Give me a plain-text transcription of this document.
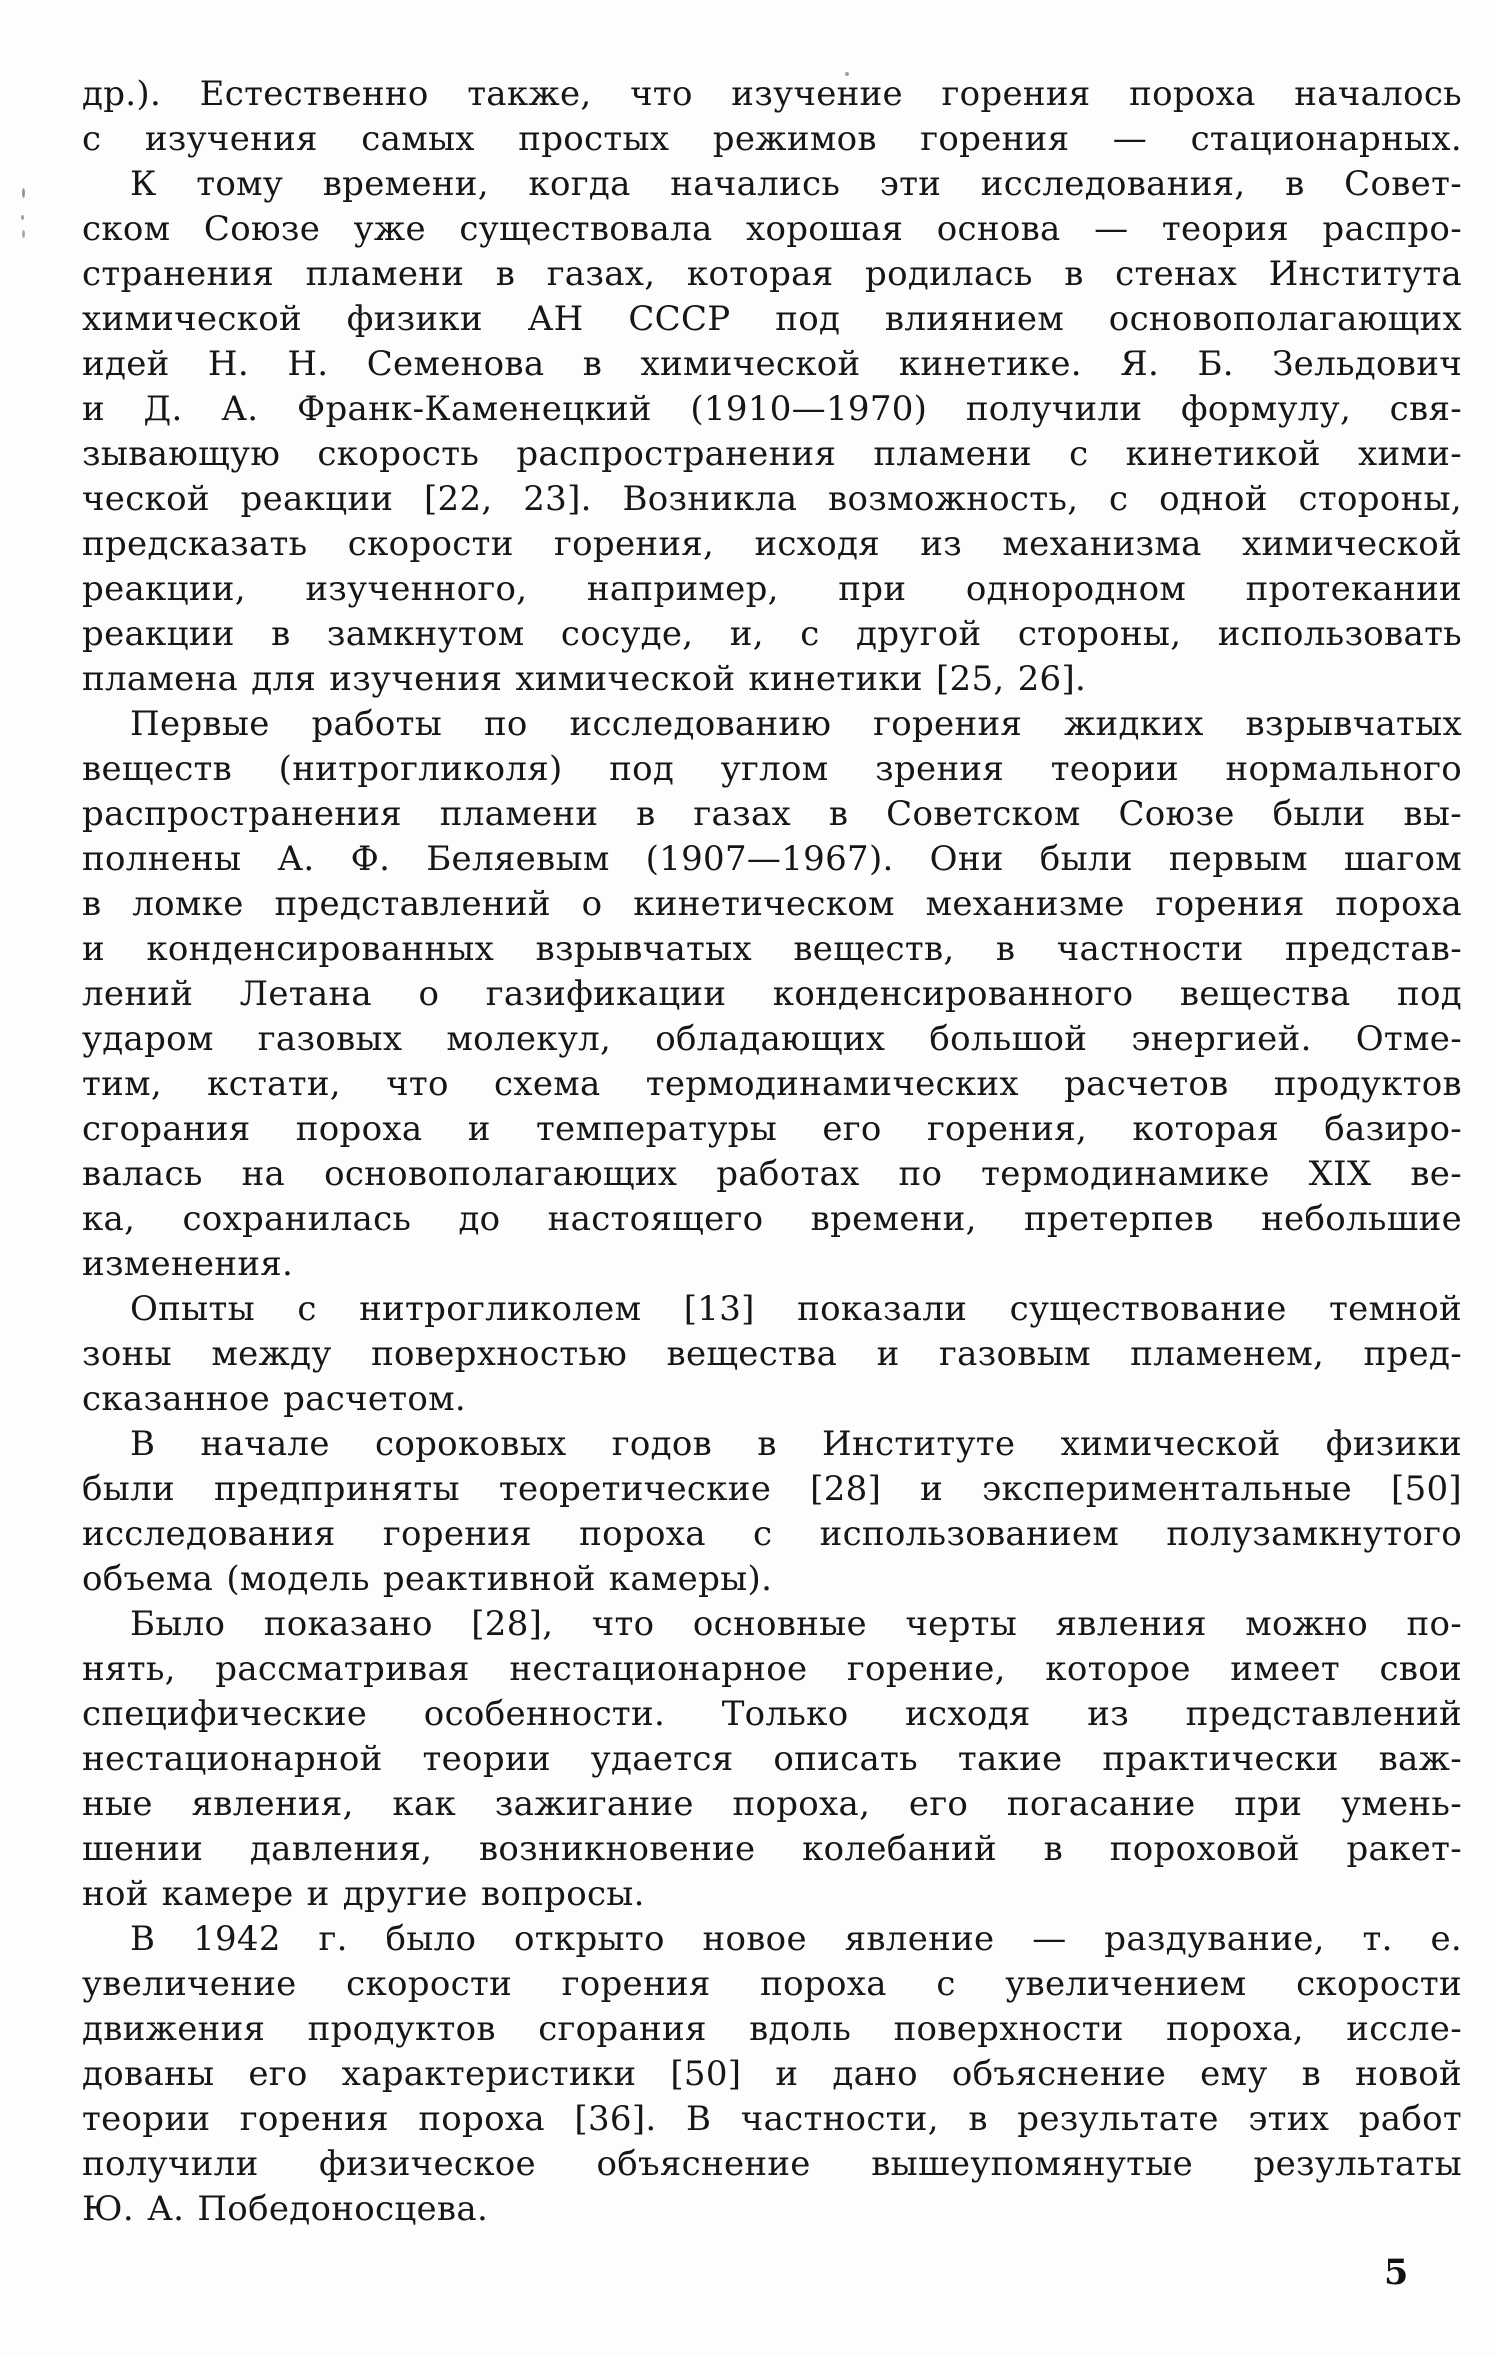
др.). Естественно также, что изучение горения пороха началось
с изучения самых простых режимов горения — стационарных.
К тому времени, когда начались эти исследования, в Совет-
ском Союзе уже существовала хорошая основа — теория распро-
странения пламени в газах, которая родилась в стенах Института
химической физики АН СССР под влиянием основополагающих
идей Н. Н. Семенова в химической кинетике. Я. Б. Зельдович
и Д. А. Франк-Каменецкий (1910—1970) получили формулу, свя-
зывающую скорость распространения пламени с кинетикой хими-
ческой реакции [22, 23]. Возникла возможность, с одной стороны,
предсказать скорости горения, исходя из механизма химической
реакции, изученного, например, при однородном протекании
реакции в замкнутом сосуде, и, с другой стороны, использовать
пламена для изучения химической кинетики [25, 26].
Первые работы по исследованию горения жидких взрывчатых
веществ (нитрогликоля) под углом зрения теории нормального
распространения пламени в газах в Советском Союзе были вы-
полнены А. Ф. Беляевым (1907—1967). Они были первым шагом
в ломке представлений о кинетическом механизме горения пороха
и конденсированных взрывчатых веществ, в частности представ-
лений Летана о газификации конденсированного вещества под
ударом газовых молекул, обладающих большой энергией. Отме-
тим, кстати, что схема термодинамических расчетов продуктов
сгорания пороха и температуры его горения, которая базиро-
валась на основополагающих работах по термодинамике XIX ве-
ка, сохранилась до настоящего времени, претерпев небольшие
изменения.
Опыты с нитрогликолем [13] показали существование темной
зоны между поверхностью вещества и газовым пламенем, пред-
сказанное расчетом.
В начале сороковых годов в Институте химической физики
были предприняты теоретические [28] и экспериментальные [50]
исследования горения пороха с использованием полузамкнутого
объема (модель реактивной камеры).
Было показано [28], что основные черты явления можно по-
нять, рассматривая нестационарное горение, которое имеет свои
специфические особенности. Только исходя из представлений
нестационарной теории удается описать такие практически важ-
ные явления, как зажигание пороха, его погасание при умень-
шении давления, возникновение колебаний в пороховой ракет-
ной камере и другие вопросы.
В 1942 г. было открыто новое явление — раздувание, т. е.
увеличение скорости горения пороха с увеличением скорости
движения продуктов сгорания вдоль поверхности пороха, иссле-
дованы его характеристики [50] и дано объяснение ему в новой
теории горения пороха [36]. В частности, в результате этих работ
получили физическое объяснение вышеупомянутые результаты
Ю. А. Победоносцева.
5
